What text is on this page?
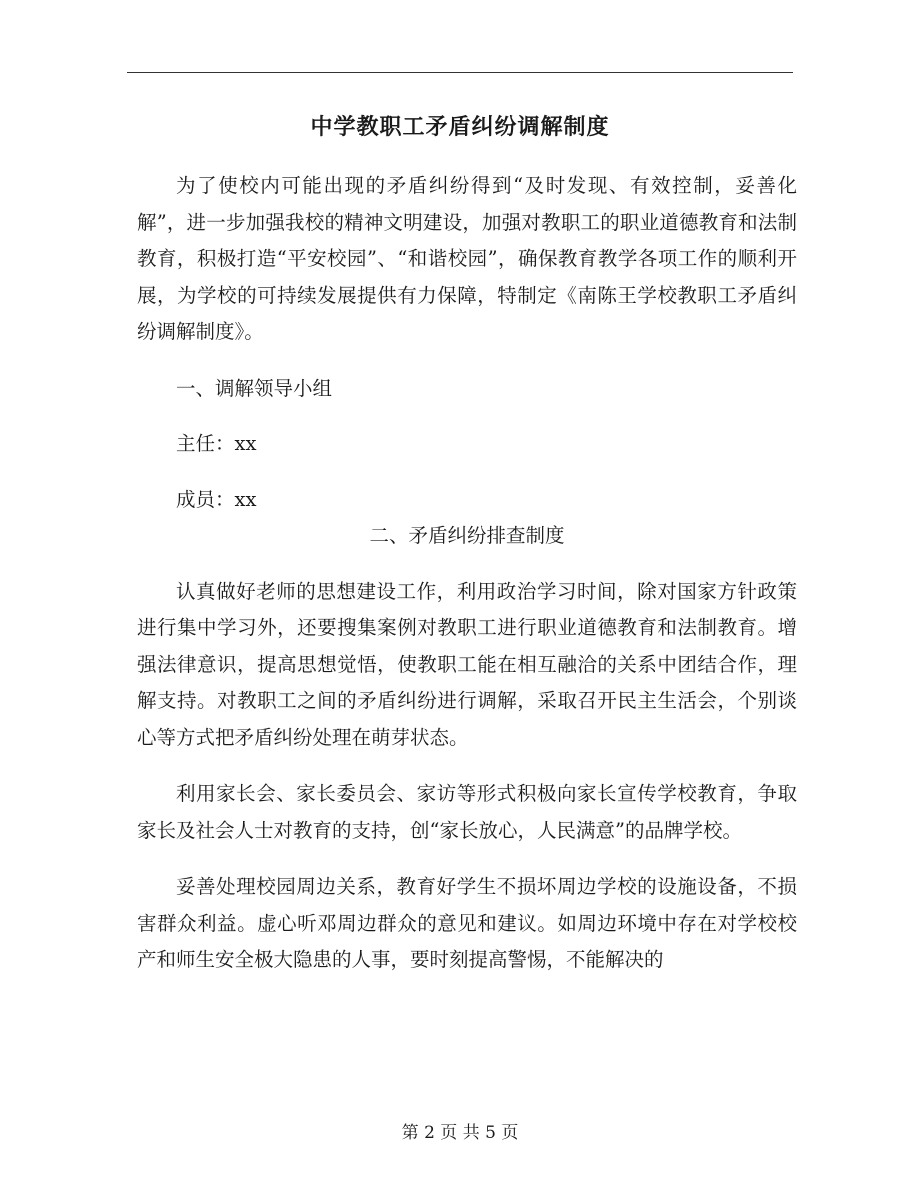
中学教职工矛盾纠纷调解制度

为了使校内可能出现的矛盾纠纷得到“及时发现、有效控制，妥善化解”，进一步加强我校的精神文明建设，加强对教职工的职业道德教育和法制教育，积极打造“平安校园”、“和谐校园”，确保教育教学各项工作的顺利开展，为学校的可持续发展提供有力保障，特制定《南陈王学校教职工矛盾纠纷调解制度》。

一、调解领导小组

主任：xx

成员：xx

二、矛盾纠纷排查制度

认真做好老师的思想建设工作，利用政治学习时间，除对国家方针政策进行集中学习外，还要搜集案例对教职工进行职业道德教育和法制教育。增强法律意识，提高思想觉悟，使教职工能在相互融洽的关系中团结合作，理解支持。对教职工之间的矛盾纠纷进行调解，采取召开民主生活会，个别谈心等方式把矛盾纠纷处理在萌芽状态。

利用家长会、家长委员会、家访等形式积极向家长宣传学校教育，争取家长及社会人士对教育的支持，创“家长放心，人民满意”的品牌学校。

妥善处理校园周边关系，教育好学生不损坏周边学校的设施设备，不损害群众利益。虚心听邓周边群众的意见和建议。如周边环境中存在对学校校产和师生安全极大隐患的人事，要时刻提高警惕，不能解决的

第 2 页 共 5 页
